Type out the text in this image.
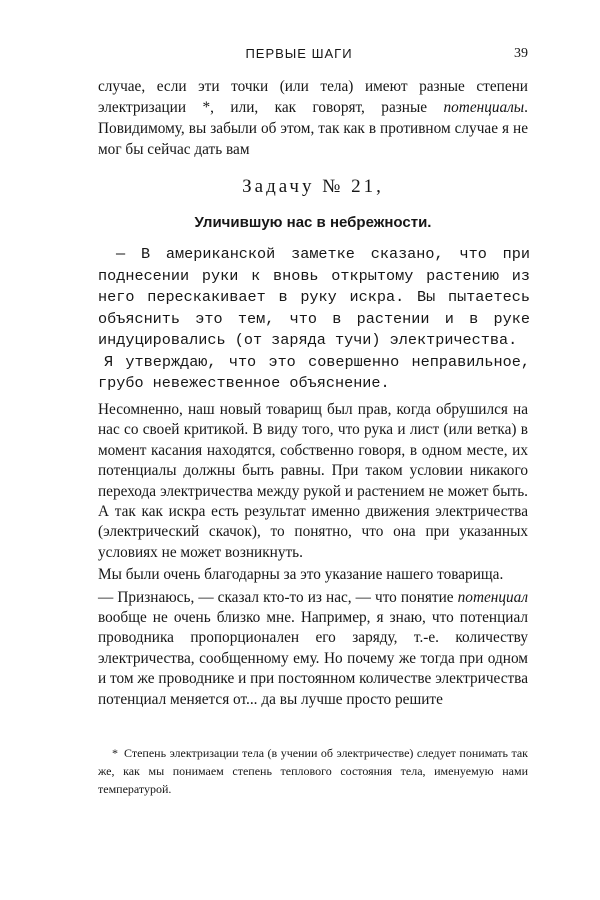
ПЕРВЫЕ ШАГИ	39

случае, если эти точки (или тела) имеют разные степени электризации *, или, как говорят, разные потенциалы. Повидимому, вы забыли об этом, так как в противном случае я не мог бы сейчас дать вам

Задачу № 21,
Уличившую нас в небрежности.

— В американской заметке сказано, что при поднесении руки к вновь открытому растению из него перескакивает в руку искра. Вы пытаетесь объяснить это тем, что в растении и в руке индуцировались (от заряда тучи) электричества.

Я утверждаю, что это совершенно неправильное, грубо невежественное объяснение.

Несомненно, наш новый товарищ был прав, когда обрушился на нас со своей критикой. В виду того, что рука и лист (или ветка) в момент касания находятся, собственно говоря, в одном месте, их потенциалы должны быть равны. При таком условии никакого перехода электричества между рукой и растением не может быть. А так как искра есть результат именно движения электричества (электрический скачок), то понятно, что она при указанных условиях не может возникнуть.

Мы были очень благодарны за это указание нашего товарища.

— Признаюсь, — сказал кто-то из нас, — что понятие потенциал вообще не очень близко мне. Например, я знаю, что потенциал проводника пропорционален его заряду, т.-е. количеству электричества, сообщенному ему. Но почему же тогда при одном и том же проводнике и при постоянном количестве электричества потенциал меняется от... да вы лучше просто решите

* Степень электризации тела (в учении об электричестве) следует понимать так же, как мы понимаем степень теплового состояния тела, именуемую нами температурой.
